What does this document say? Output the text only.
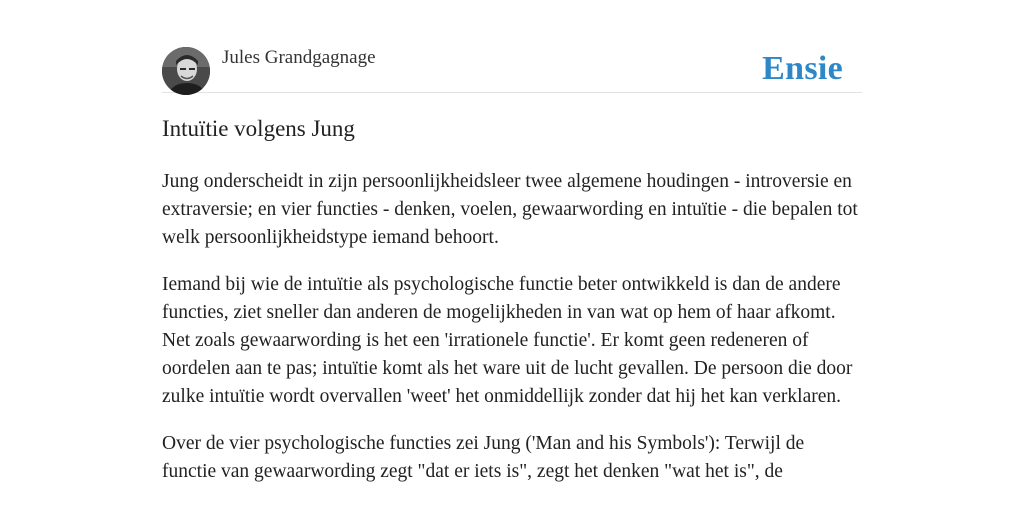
Jules Grandgagnage	Ensie
Intuïtie volgens Jung

Jung onderscheidt in zijn persoonlijkheidsleer twee algemene houdingen - introversie en extraversie; en vier functies - denken, voelen, gewaarwording en intuïtie - die bepalen tot welk persoonlijkheidstype iemand behoort.

Iemand bij wie de intuïtie als psychologische functie beter ontwikkeld is dan de andere functies, ziet sneller dan anderen de mogelijkheden in van wat op hem of haar afkomt. Net zoals gewaarwording is het een 'irrationele functie'. Er komt geen redeneren of oordelen aan te pas; intuïtie komt als het ware uit de lucht gevallen. De persoon die door zulke intuïtie wordt overvallen 'weet' het onmiddellijk zonder dat hij het kan verklaren.

Over de vier psychologische functies zei Jung ('Man and his Symbols'): Terwijl de functie van gewaarwording zegt "dat er iets is", zegt het denken "wat het is", de
